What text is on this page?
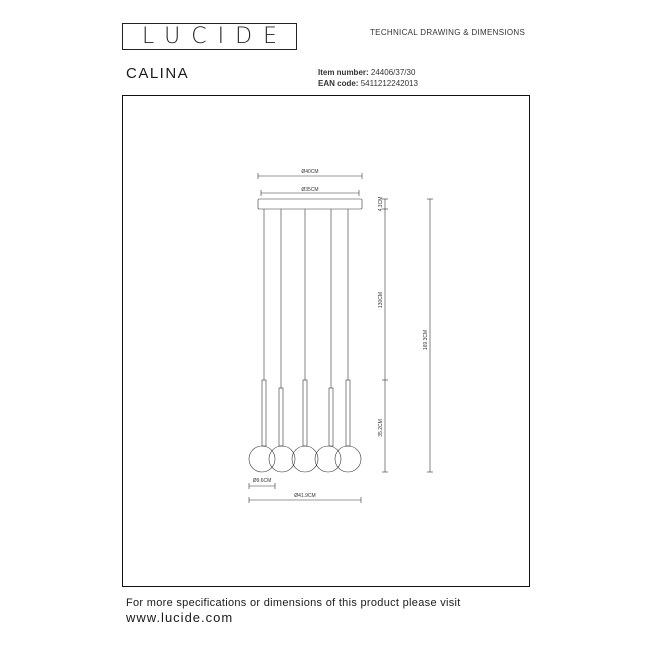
LUCIDE	TECHNICAL DRAWING & DIMENSIONS
CALINA	Item number: 24406/37/30
EAN code: 5411212242013
Ø40CM
Ø35CM
Ø9.6CM
Ø41.9CM
4.3CM
130CM
35.2CM
169.3CM
For more specifications or dimensions of this product please visit
www.lucide.com
